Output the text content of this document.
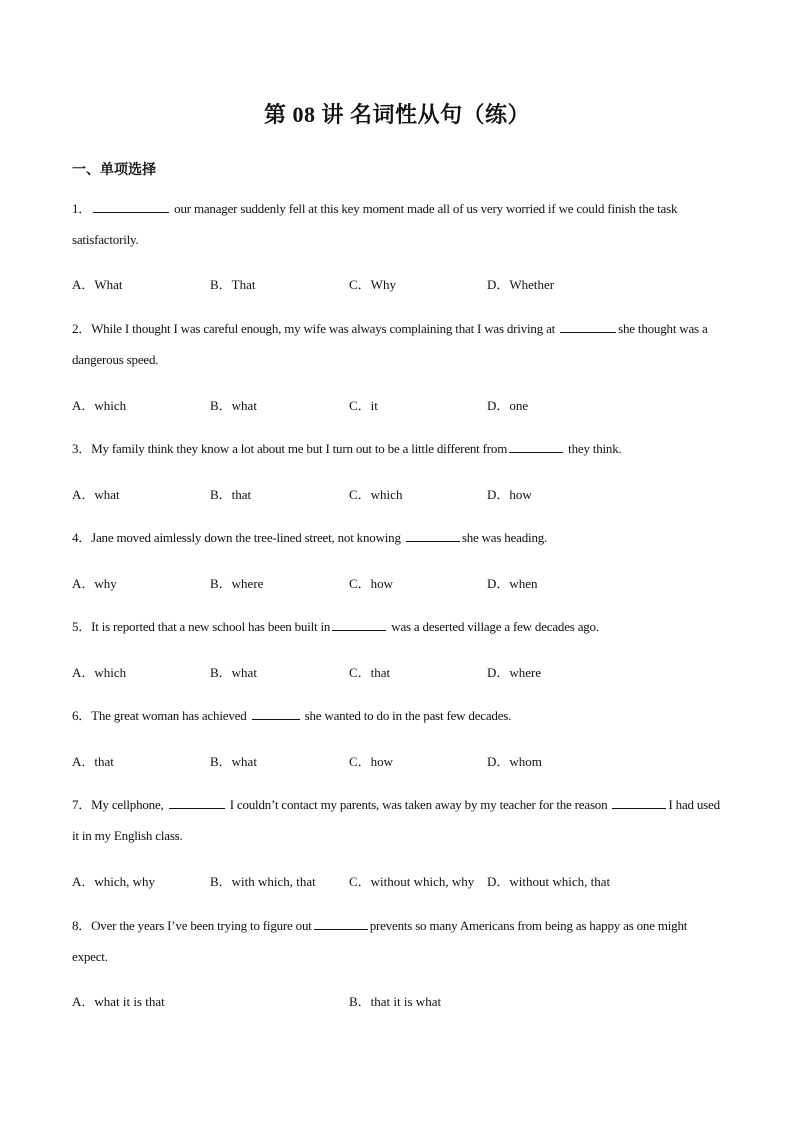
第 08 讲 名词性从句（练）
一、单项选择
1．	our manager suddenly fell at this key moment made all of us very worried if we could finish the task satisfactorily.
A．What	B．That	C．Why	D．Whether
2．While I thought I was careful enough, my wife was always complaining that I was driving at	she thought was a dangerous speed.
A．which	B．what	C．it	D．one
3．My family think they know a lot about me but I turn out to be a little different from	they think.
A．what	B．that	C．which	D．how
4．Jane moved aimlessly down the tree-lined street, not knowing	she was heading.
A．why	B．where	C．how	D．when
5．It is reported that a new school has been built in	was a deserted village a few decades ago.
A．which	B．what	C．that	D．where
6．The great woman has achieved	she wanted to do in the past few decades.
A．that	B．what	C．how	D．whom
7．My cellphone,	I couldn’t contact my parents, was taken away by my teacher for the reason	I had used it in my English class.
A．which, why	B．with which, that	C．without which, why D．without which, that
8．Over the years I’ve been trying to figure out	prevents so many Americans from being as happy as one might expect.
A．what it is that	B．that it is what
